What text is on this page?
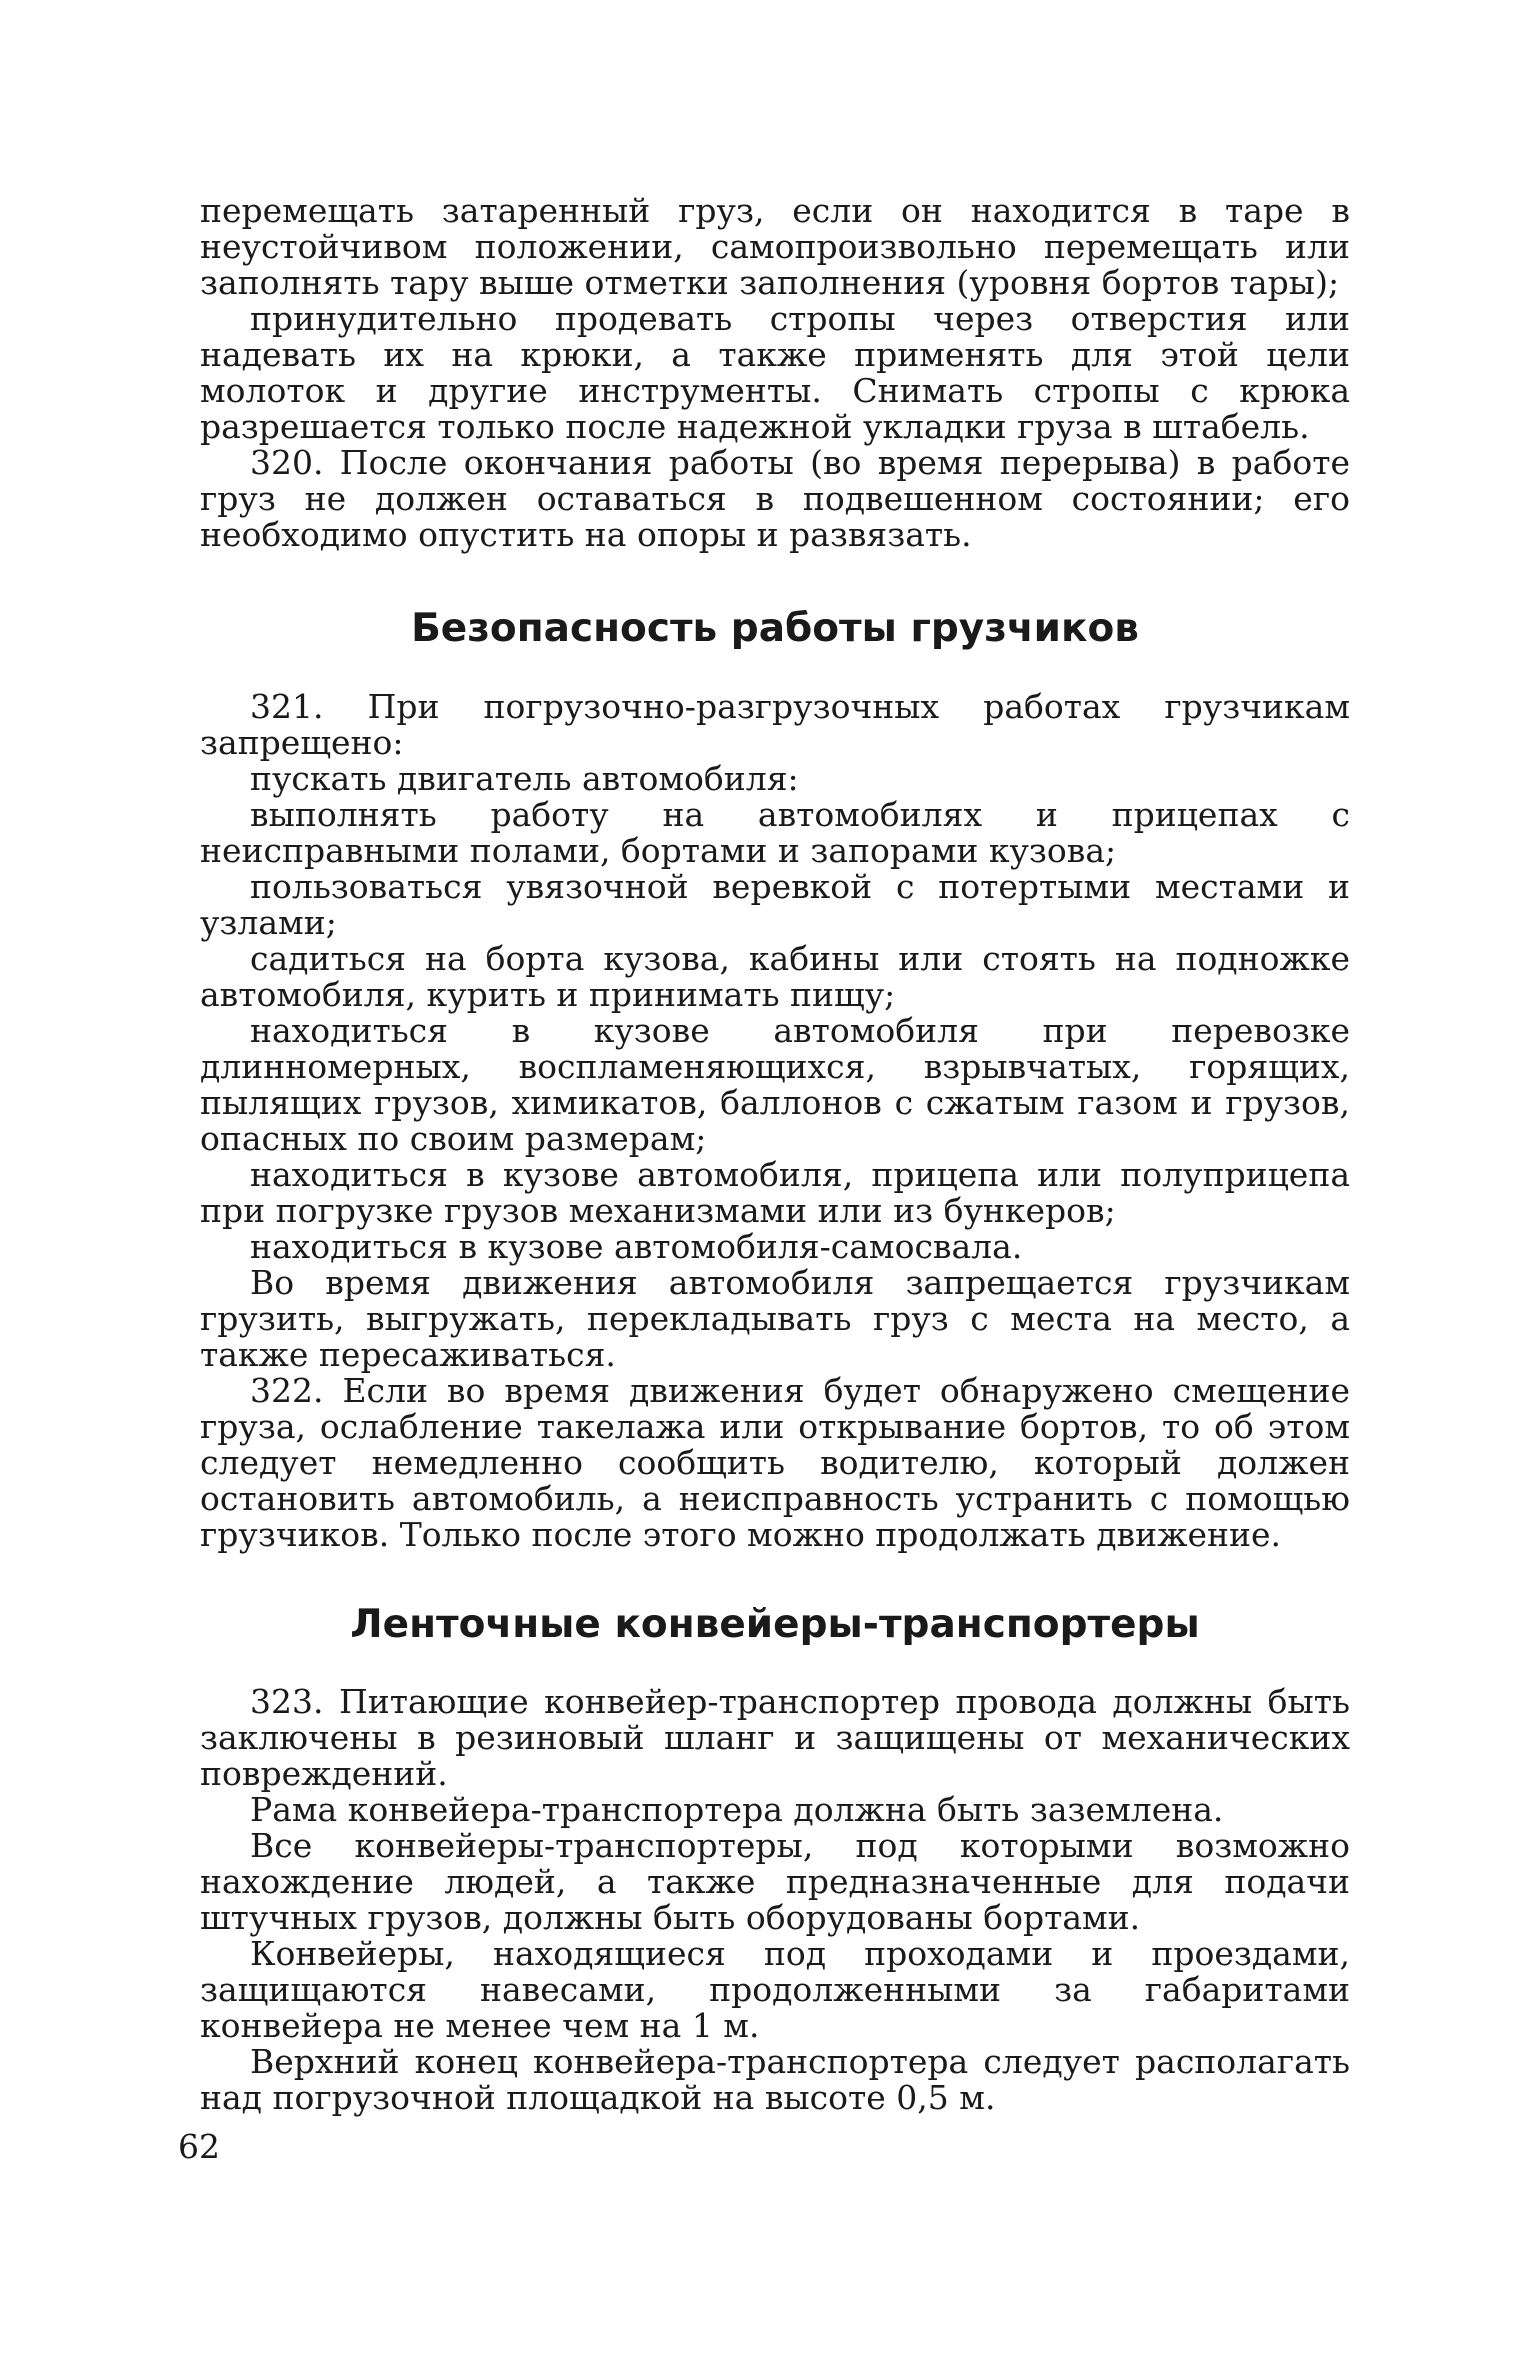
перемещать затаренный груз, если он находится в таре в неустойчивом положении, самопроизвольно перемещать или заполнять тару выше отметки заполнения (уровня бортов тары);

принудительно продевать стропы через отверстия или надевать их на крюки, а также применять для этой цели молоток и другие инструменты. Снимать стропы с крюка разрешается только после надежной укладки груза в штабель.

320. После окончания работы (во время перерыва) в работе груз не должен оставаться в подвешенном состоянии; его необходимо опустить на опоры и развязать.

Безопасность работы грузчиков

321. При погрузочно-разгрузочных работах грузчикам запрещено:

пускать двигатель автомобиля:

выполнять работу на автомобилях и прицепах с неисправными полами, бортами и запорами кузова;

пользоваться увязочной веревкой с потертыми местами и узлами;

садиться на борта кузова, кабины или стоять на подножке автомобиля, курить и принимать пищу;

находиться в кузове автомобиля при перевозке длинномерных, воспламеняющихся, взрывчатых, горящих, пылящих грузов, химикатов, баллонов с сжатым газом и грузов, опасных по своим размерам;

находиться в кузове автомобиля, прицепа или полуприцепа при погрузке грузов механизмами или из бункеров;

находиться в кузове автомобиля-самосвала.

Во время движения автомобиля запрещается грузчикам грузить, выгружать, перекладывать груз с места на место, а также пересаживаться.

322. Если во время движения будет обнаружено смещение груза, ослабление такелажа или открывание бортов, то об этом следует немедленно сообщить водителю, который должен остановить автомобиль, а неисправность устранить с помощью грузчиков. Только после этого можно продолжать движение.

Ленточные конвейеры-транспортеры

323. Питающие конвейер-транспортер провода должны быть заключены в резиновый шланг и защищены от механических повреждений.

Рама конвейера-транспортера должна быть заземлена.

Все конвейеры-транспортеры, под которыми возможно нахождение людей, а также предназначенные для подачи штучных грузов, должны быть оборудованы бортами.

Конвейеры, находящиеся под проходами и проездами, защищаются навесами, продолженными за габаритами конвейера не менее чем на 1 м.

Верхний конец конвейера-транспортера следует располагать над погрузочной площадкой на высоте 0,5 м.

62
